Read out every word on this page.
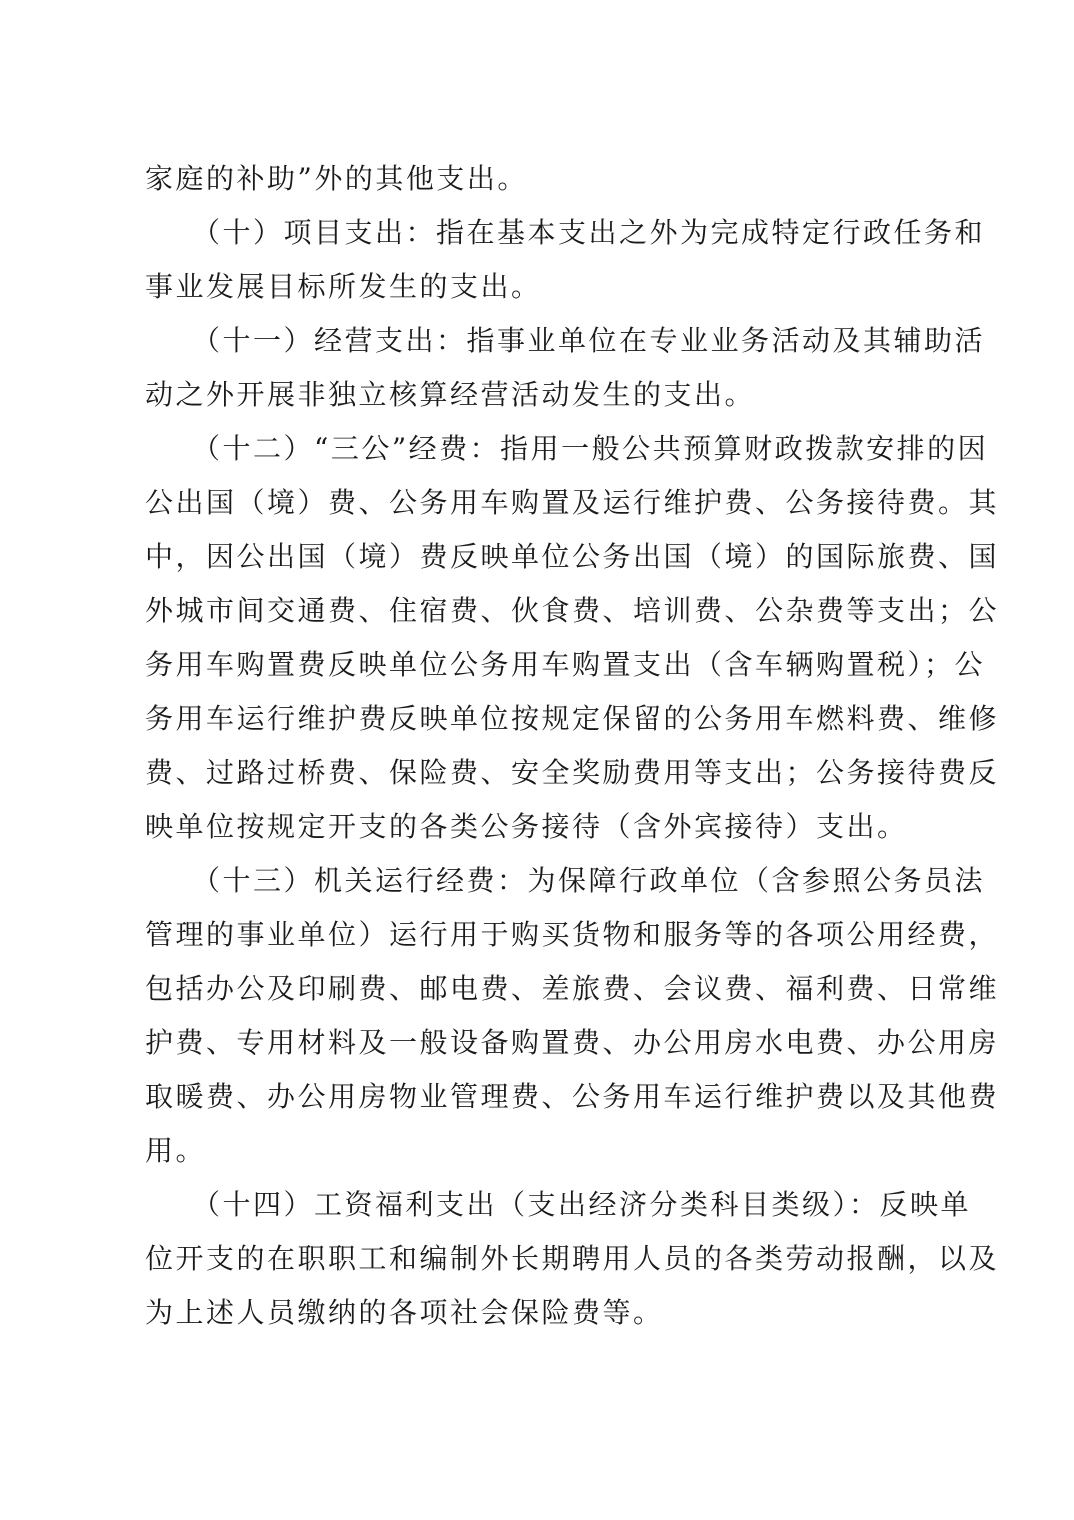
家庭的补助”外的其他支出。
　　（十）项目支出：指在基本支出之外为完成特定行政任务和
事业发展目标所发生的支出。
　　（十一）经营支出：指事业单位在专业业务活动及其辅助活
动之外开展非独立核算经营活动发生的支出。
　　（十二）“三公”经费：指用一般公共预算财政拨款安排的因
公出国（境）费、公务用车购置及运行维护费、公务接待费。其
中，因公出国（境）费反映单位公务出国（境）的国际旅费、国
外城市间交通费、住宿费、伙食费、培训费、公杂费等支出；公
务用车购置费反映单位公务用车购置支出（含车辆购置税）；公
务用车运行维护费反映单位按规定保留的公务用车燃料费、维修
费、过路过桥费、保险费、安全奖励费用等支出；公务接待费反
映单位按规定开支的各类公务接待（含外宾接待）支出。
　　（十三）机关运行经费：为保障行政单位（含参照公务员法
管理的事业单位）运行用于购买货物和服务等的各项公用经费，
包括办公及印刷费、邮电费、差旅费、会议费、福利费、日常维
护费、专用材料及一般设备购置费、办公用房水电费、办公用房
取暖费、办公用房物业管理费、公务用车运行维护费以及其他费
用。
　　（十四）工资福利支出（支出经济分类科目类级）：反映单
位开支的在职职工和编制外长期聘用人员的各类劳动报酬，以及
为上述人员缴纳的各项社会保险费等。
